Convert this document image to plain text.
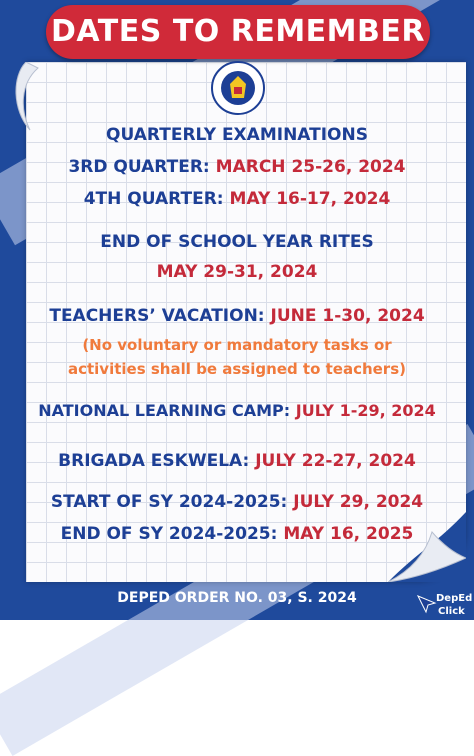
DATES TO REMEMBER
QUARTERLY EXAMINATIONS
3RD QUARTER: MARCH 25-26, 2024
4TH QUARTER: MAY 16-17, 2024
END OF SCHOOL YEAR RITES
MAY 29-31, 2024
TEACHERS’ VACATION: JUNE 1-30, 2024
(No voluntary or mandatory tasks or
activities shall be assigned to teachers)
NATIONAL LEARNING CAMP: JULY 1-29, 2024
BRIGADA ESKWELA: JULY 22-27, 2024
START OF SY 2024-2025: JULY 29, 2024
END OF SY 2024-2025: MAY 16, 2025
DEPED ORDER NO. 03, S. 2024	DepEd
Click
